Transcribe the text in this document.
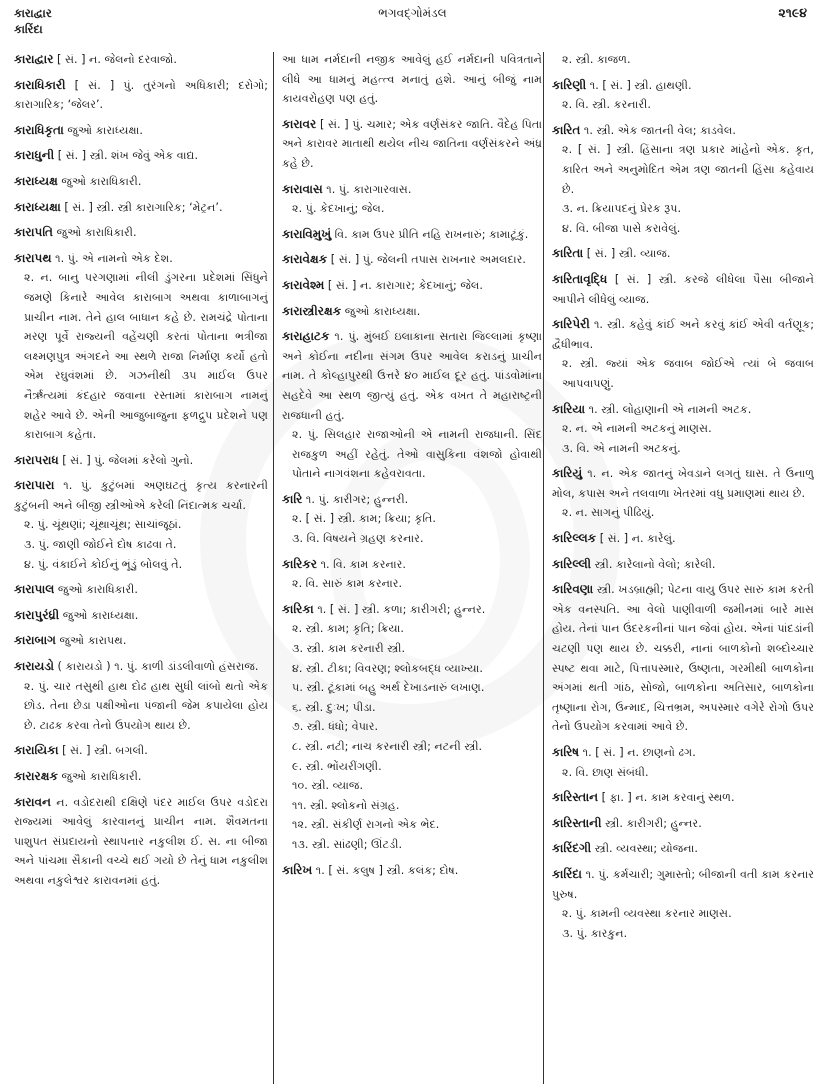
કારાદ્વાર
કારિંદા
ભગવદ્ગોમંડલ	૨૧૯૪
કારાદ્વાર [ સં. ] ન. જેલનો દરવાજો.
કારાધિકારી [ સં. ] પું. તુરંગનો અધિકારી; દરોગો; કારાગારિક; ‘જેલર’.
કારાધિકૃતા જુઓ કારાધ્યક્ષા.
કારાધુની [ સં. ] સ્ત્રી. શંખ જેવું એક વાદ્ય.
કારાધ્યક્ષ જુઓ કારાધિકારી.
કારાધ્યક્ષા [ સં. ] સ્ત્રી. સ્ત્રી કારાગારિક; ‘મેટ્રન’.
કારાપતિ જુઓ કારાધિકારી.
કારાપથ ૧. પું. એ નામનો એક દેશ.
૨. ન. બાનુ પરગણામાં નીલી ડુંગરના પ્રદેશમાં સિંધુને જમણે કિનારે આવેલ કારાબાગ અથવા કાળાબાગનું પ્રાચીન નામ. તેને હાલ બાધાન કહે છે. રામચંદ્રે પોતાના મરણ પૂર્વે રાજ્યની વહેંચણી કરતાં પોતાના ભત્રીજા લક્ષ્મણપુત્ર અંગદને આ સ્થળે રાજા નિર્માણ કર્યો હતો એમ રઘુવંશમાં છે. ગઝનીથી ૩૫ માઈલ ઉપર નૈર્ઋત્યમાં કંદહાર જવાના રસ્તામાં કારાબાગ નામનું શહેર આવે છે. એની આજુબાજુના ફળદ્રુપ પ્રદેશને પણ કારાબાગ કહેતા.
કારાપરાધ [ સં. ] પું. જેલમાં કરેલો ગુનો.
કારાપારા ૧. પું. કુટુંબમાં અણઘટતું કૃત્ય કરનારની કુટુંબની અને બીજી સ્ત્રીઓએ કરેલી નિંદાત્મક ચર્ચા.
૨. પું. ચૂંથણાં; ચૂંથાચૂંથ; સાચાંજૂઠાં.
૩. પું. જાણી જોઈને દોષ કાઢવા તે.
૪. પું. વંકાઈને કોઈનું ભૂંડું બોલવું તે.
કારાપાલ જુઓ કારાધિકારી.
કારાપુરંધ્રી જુઓ કારાધ્યક્ષા.
કારાબાગ જુઓ કારાપથ.
કારાયડો ( કારાયડો ) ૧. પું. કાળી ડાંડલીવાળો હંસરાજ.
૨. પું. ચાર તસુથી હાથ દોઢ હાથ સુધી લાંબો થતો એક છોડ. તેના છેડા પક્ષીઓના પંજાની જેમ કપાયેલા હોય છે. ટાઢક કરવા તેનો ઉપયોગ થાય છે.
કારાયિકા [ સં. ] સ્ત્રી. બગલી.
કારારક્ષક જુઓ કારાધિકારી.
કારાવન ન. વડોદરાથી દક્ષિણે પંદર માઈલ ઉપર વડોદરા રાજ્યમાં આવેલું કારવાનનું પ્રાચીન નામ. શૈવમતના પાશુપત સંપ્રદાયનો સ્થાપનાર નકુલીશ ઈ. સ. ના બીજા અને પાંચમા સૈકાની વચ્ચે થઈ ગયો છે તેનું ધામ નકુલીશ અથવા નકુલેશ્વર કારાવનમાં હતું.
આ ધામ નર્મદાની નજીક આવેલું હઈ નર્મદાની પવિત્રતાને લીધે આ ધામનું મહત્ત્વ મનાતું હશે. આનું બીજું નામ કાયવરોહણ પણ હતું.
કારાવર [ સં. ] પું. ચમાર; એક વર્ણસંકર જાતિ. વૈદેહ પિતા અને કારાવર માતાથી થયેલ નીચ જાતિના વર્ણસંકરને અંધ્ર કહે છે.
કારાવાસ ૧. પું. કારાગારવાસ.
૨. પું. કેદખાનું; જેલ.
કારાવિમુખું વિ. કામ ઉપર પ્રીતિ નહિ રાખનારું; કામાટૂંકું.
કારાવેક્ષક [ સં. ] પું. જેલની તપાસ રાખનાર અમલદાર.
કારાવેશ્મ [ સં. ] ન. કારાગાર; કેદખાનું; જેલ.
કારાસ્ત્રીરક્ષક જુઓ કારાધ્યક્ષા.
કારાહાટક ૧. પું. મુંબઈ ઇલાકાના સતારા જિલ્લામાં કૃષ્ણા અને કોઈના નદીના સંગમ ઉપર આવેલ કરાડનું પ્રાચીન નામ. તે કોલ્હાપુરથી ઉત્તરે ૪૦ માઈલ દૂર હતું. પાંડવોમાંના સહદેવે આ સ્થળ જીત્યું હતું. એક વખત તે મહારાષ્ટ્રની રાજધાની હતું.
૨. પું. સિલહાર રાજાઓની એ નામની રાજધાની. સિંદ રાજકુળ અહીં રહેતું. તેઓ વાસુકિના વંશજો હોવાથી પોતાને નાગવંશના કહેવરાવતા.
કારિ ૧. પું. કારીગર; હુન્નરી.
૨. [ સં. ] સ્ત્રી. કામ; ક્રિયા; કૃતિ.
૩. વિ. વિષયને ગ્રહણ કરનાર.
કારિકર ૧. વિ. કામ કરનાર.
૨. વિ. સારું કામ કરનાર.
કારિકા ૧. [ સં. ] સ્ત્રી. કળા; કારીગરી; હુન્નર.
૨. સ્ત્રી. કામ; કૃતિ; ક્રિયા.
૩. સ્ત્રી. કામ કરનારી સ્ત્રી.
૪. સ્ત્રી. ટીકા; વિવરણ; શ્લોકબદ્ધ વ્યાખ્યા.
૫. સ્ત્રી. ટૂંકામાં બહુ અર્થ દેખાડનારું લખાણ.
૬. સ્ત્રી. દુઃખ; પીડા.
૭. સ્ત્રી. ધંધો; વેપાર.
૮. સ્ત્રી. નટી; નાચ કરનારી સ્ત્રી; નટની સ્ત્રી.
૯. સ્ત્રી. ભોંયરીંગણી.
૧૦. સ્ત્રી. વ્યાજ.
૧૧. સ્ત્રી. શ્લોકનો સંગ્રહ.
૧૨. સ્ત્રી. સંકીર્ણ રાગનો એક ભેદ.
૧૩. સ્ત્રી. સાંઢણી; ઊંટડી.
કારિખ ૧. [ સં. કલુષ ] સ્ત્રી. કલંક; દોષ.
૨. સ્ત્રી. કાજળ.
કારિણી ૧. [ સં. ] સ્ત્રી. હાથણી.
૨. વિ. સ્ત્રી. કરનારી.
કારિત ૧. સ્ત્રી. એક જાતની વેલ; કાડવેલ.
૨. [ સં. ] સ્ત્રી. હિંસાના ત્રણ પ્રકાર માંહેનો એક. કૃત, કારિત અને અનુમોદિત એમ ત્રણ જાતની હિંસા કહેવાય છે.
૩. ન. ક્રિયાપદનું પ્રેરક રૂપ.
૪. વિ. બીજા પાસે કરાવેલું.
કારિતા [ સં. ] સ્ત્રી. વ્યાજ.
કારિતાવૃદ્ધિ [ સં. ] સ્ત્રી. કરજે લીધેલા પૈસા બીજાને આપીને લીધેલું વ્યાજ.
કારિપેરી ૧. સ્ત્રી. કહેવું કાંઈ અને કરવું કાંઈ એવી વર્તણૂક; દ્વૈધીભાવ.
૨. સ્ત્રી. જ્યાં એક જવાબ જોઈએ ત્યાં બે જવાબ આપવાપણું.
કારિયા ૧. સ્ત્રી. લોહાણાની એ નામની અટક.
૨. ન. એ નામની અટકનું માણસ.
૩. વિ. એ નામની અટકનું.
કારિયું ૧. ન. એક જાતનું ખેવડાને લગતું ઘાસ. તે ઉનાળુ મોલ, કપાસ અને તલવાળા ખેતરમાં વધુ પ્રમાણમાં થાય છે.
૨. ન. સાગનું પીઢિયું.
કારિલ્લક [ સં. ] ન. કારેલું.
કારિલ્લી સ્ત્રી. કારેલાનો વેલો; કારેલી.
કારિવણા સ્ત્રી. ખડબ્રાહ્મી; પેટના વાયુ ઉપર સારું કામ કરતી એક વનસ્પતિ. આ વેલો પાણીવાળી જમીનમાં બારે માસ હોય. તેનાં પાન ઉંદરકનીનાં પાન જેવાં હોય. એનાં પાંદડાંની ચટણી પણ થાય છે. ચક્કરી, નાનાં બાળકોનો શબ્દોચ્ચાર સ્પષ્ટ થવા માટે, પિત્તાપસ્માર, ઉષ્ણતા, ગરમીથી બાળકોના અંગમાં થતી ગાંઠ, સોજો, બાળકોના અતિસાર, બાળકોના તૃષ્ણાના રોગ, ઉન્માદ, ચિત્તભ્રમ, અપસ્માર વગેરે રોગો ઉપર તેનો ઉપયોગ કરવામાં આવે છે.
કારિષ ૧. [ સં. ] ન. છાણનો ઢગ.
૨. વિ. છાણ સંબંધી.
કારિસ્તાન [ ફા. ] ન. કામ કરવાનું સ્થળ.
કારિસ્તાની સ્ત્રી. કારીગરી; હુન્નર.
કારિંદગી સ્ત્રી. વ્યવસ્થા; યોજના.
કારિંદા ૧. પું. કર્મચારી; ગુમાસ્તો; બીજાની વતી કામ કરનાર પુરુષ.
૨. પું. કામની વ્યવસ્થા કરનાર માણસ.
૩. પું. કારકુન.
